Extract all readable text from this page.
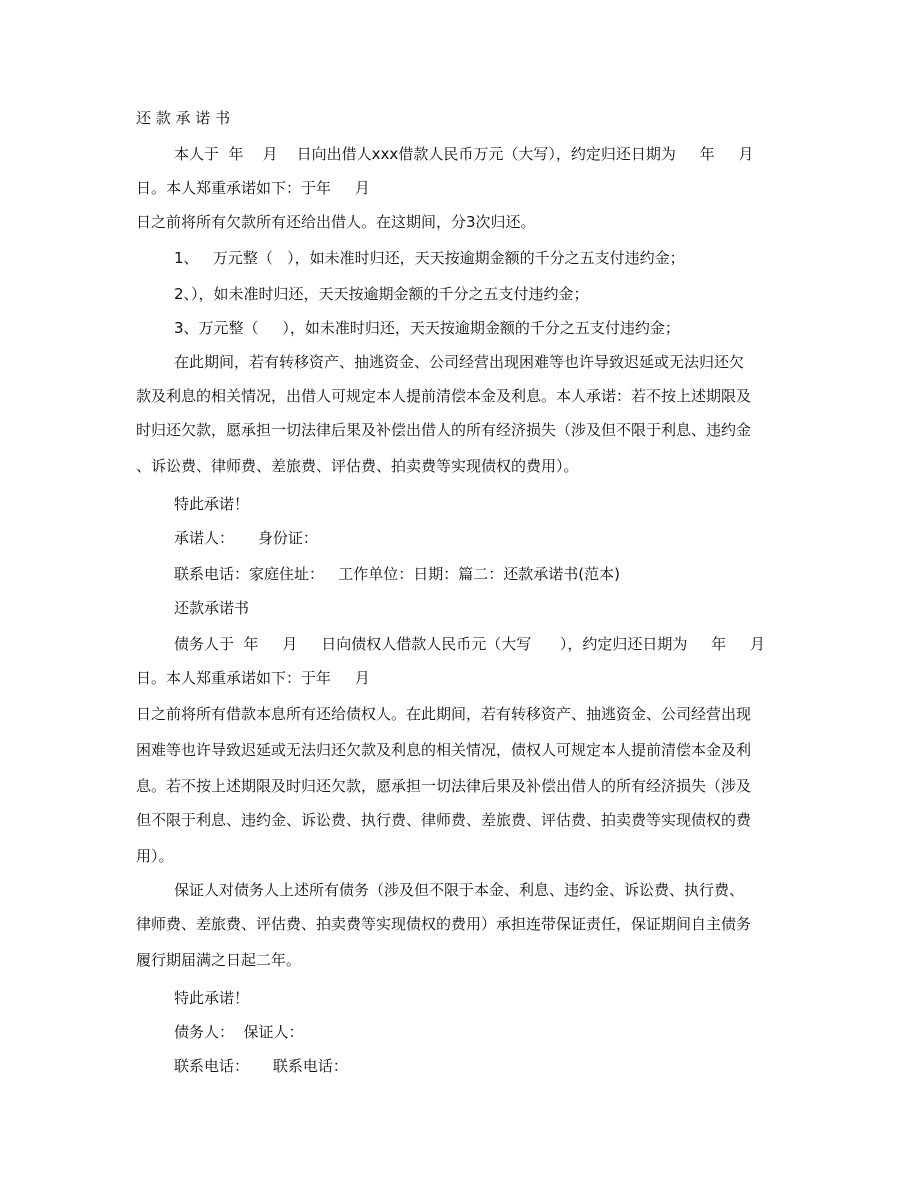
还 款 承 诺 书
本人于  年    月    日向出借人xxx借款人民币万元（大写），约定归还日期为     年     月
日。本人郑重承诺如下：于年     月
日之前将所有欠款所有还给出借人。在这期间，分3次归还。
1、   万元整（   ），如未准时归还，天天按逾期金额的千分之五支付违约金；
2、），如未准时归还，天天按逾期金额的千分之五支付违约金；
3、万元整（     ），如未准时归还，天天按逾期金额的千分之五支付违约金；
在此期间，若有转移资产、抽逃资金、公司经营出现困难等也许导致迟延或无法归还欠
款及利息的相关情况，出借人可规定本人提前清偿本金及利息。本人承诺：若不按上述期限及
时归还欠款，愿承担一切法律后果及补偿出借人的所有经济损失（涉及但不限于利息、违约金
、诉讼费、律师费、差旅费、评估费、拍卖费等实现债权的费用）。
特此承诺！
承诺人：     身份证：
联系电话：家庭住址：   工作单位：日期：篇二：还款承诺书(范本)
还款承诺书
债务人于  年     月     日向债权人借款人民币元（大写      ），约定归还日期为     年     月
日。本人郑重承诺如下：于年     月
日之前将所有借款本息所有还给债权人。在此期间，若有转移资产、抽逃资金、公司经营出现
困难等也许导致迟延或无法归还欠款及利息的相关情况，债权人可规定本人提前清偿本金及利
息。若不按上述期限及时归还欠款，愿承担一切法律后果及补偿出借人的所有经济损失（涉及
但不限于利息、违约金、诉讼费、执行费、律师费、差旅费、评估费、拍卖费等实现债权的费
用）。
保证人对债务人上述所有债务（涉及但不限于本金、利息、违约金、诉讼费、执行费、
律师费、差旅费、评估费、拍卖费等实现债权的费用）承担连带保证责任，保证期间自主债务
履行期届满之日起二年。
特此承诺！
债务人：  保证人：
联系电话：     联系电话：
